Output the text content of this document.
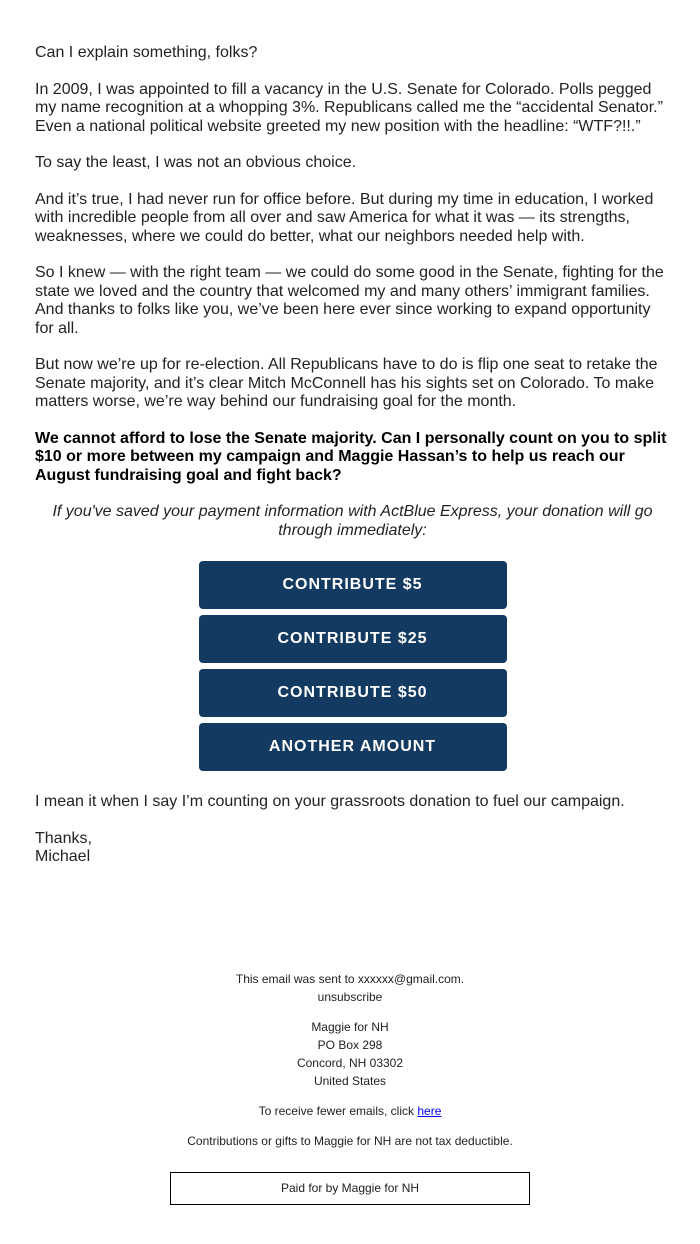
Can I explain something, folks?

In 2009, I was appointed to fill a vacancy in the U.S. Senate for Colorado. Polls pegged my name recognition at a whopping 3%. Republicans called me the “accidental Senator.” Even a national political website greeted my new position with the headline: “WTF?!!.”

To say the least, I was not an obvious choice.

And it’s true, I had never run for office before. But during my time in education, I worked with incredible people from all over and saw America for what it was — its strengths, weaknesses, where we could do better, what our neighbors needed help with.

So I knew — with the right team — we could do some good in the Senate, fighting for the state we loved and the country that welcomed my and many others’ immigrant families. And thanks to folks like you, we’ve been here ever since working to expand opportunity for all.

But now we’re up for re-election. All Republicans have to do is flip one seat to retake the Senate majority, and it’s clear Mitch McConnell has his sights set on Colorado. To make matters worse, we’re way behind our fundraising goal for the month.

We cannot afford to lose the Senate majority. Can I personally count on you to split $10 or more between my campaign and Maggie Hassan’s to help us reach our August fundraising goal and fight back?

If you've saved your payment information with ActBlue Express, your donation will go through immediately:

CONTRIBUTE $5
CONTRIBUTE $25
CONTRIBUTE $50
ANOTHER AMOUNT

I mean it when I say I’m counting on your grassroots donation to fuel our campaign.

Thanks,

Michael

This email was sent to xxxxxx@gmail.com.
unsubscribe
Maggie for NH
PO Box 298
Concord, NH 03302
United States
To receive fewer emails, click here
Contributions or gifts to Maggie for NH are not tax deductible.
Paid for by Maggie for NH
